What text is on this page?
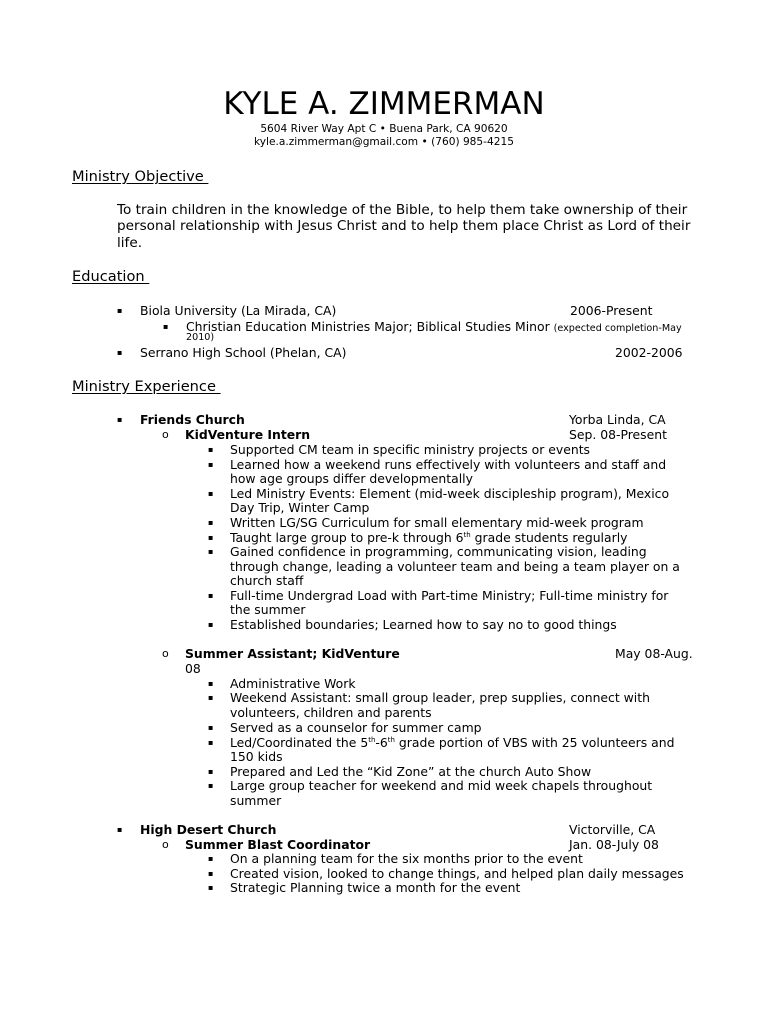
KYLE A. ZIMMERMAN
5604 River Way Apt C • Buena Park, CA 90620
kyle.a.zimmerman@gmail.com • (760) 985-4215
Ministry Objective
To train children in the knowledge of the Bible, to help them take ownership of their personal relationship with Jesus Christ and to help them place Christ as Lord of their life.
Education
▪ Biola University (La Mirada, CA)	2006-Present
▪ Christian Education Ministries Major; Biblical Studies Minor (expected completion-May
2010)
▪ Serrano High School (Phelan, CA)	2002-2006
Ministry Experience
▪ Friends Church	Yorba Linda, CA
o KidVenture Intern	Sep. 08-Present
▪ Supported CM team in specific ministry projects or events
▪ Learned how a weekend runs effectively with volunteers and staff and
how age groups differ developmentally
▪ Led Ministry Events: Element (mid-week discipleship program), Mexico
Day Trip, Winter Camp
▪ Written LG/SG Curriculum for small elementary mid-week program
▪ Taught large group to pre-k through 6th grade students regularly
▪ Gained confidence in programming, communicating vision, leading
through change, leading a volunteer team and being a team player on a
church staff
▪ Full-time Undergrad Load with Part-time Ministry; Full-time ministry for
the summer
▪ Established boundaries; Learned how to say no to good things
o Summer Assistant; KidVenture	May 08-Aug.
08
▪ Administrative Work
▪ Weekend Assistant: small group leader, prep supplies, connect with
volunteers, children and parents
▪ Served as a counselor for summer camp
▪ Led/Coordinated the 5th-6th grade portion of VBS with 25 volunteers and
150 kids
▪ Prepared and Led the “Kid Zone” at the church Auto Show
▪ Large group teacher for weekend and mid week chapels throughout
summer
▪ High Desert Church	Victorville, CA
o Summer Blast Coordinator	Jan. 08-July 08
▪ On a planning team for the six months prior to the event
▪ Created vision, looked to change things, and helped plan daily messages
▪ Strategic Planning twice a month for the event
